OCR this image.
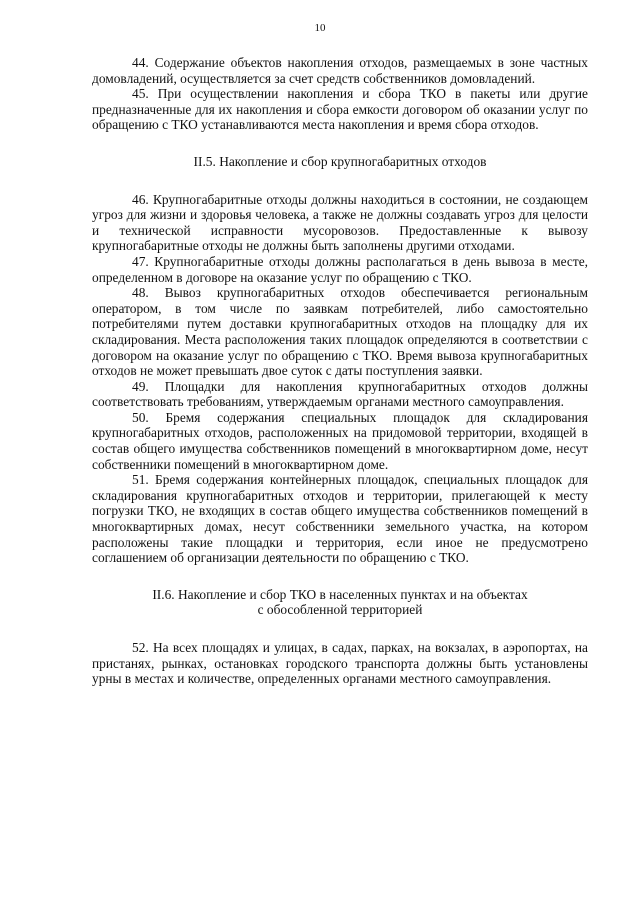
10

44. Содержание объектов накопления отходов, размещаемых в зоне частных домовладений, осуществляется за счет средств собственников домовладений.

45. При осуществлении накопления и сбора ТКО в пакеты или другие предназначенные для их накопления и сбора емкости договором об оказании услуг по обращению с ТКО устанавливаются места накопления и время сбора отходов.

II.5. Накопление и сбор крупногабаритных отходов

46. Крупногабаритные отходы должны находиться в состоянии, не создающем угроз для жизни и здоровья человека, а также не должны создавать угроз для целости и технической исправности мусоровозов. Предоставленные к вывозу крупногабаритные отходы не должны быть заполнены другими отходами.

47. Крупногабаритные отходы должны располагаться в день вывоза в месте, определенном в договоре на оказание услуг по обращению с ТКО.

48. Вывоз крупногабаритных отходов обеспечивается региональным оператором, в том числе по заявкам потребителей, либо самостоятельно потребителями путем доставки крупногабаритных отходов на площадку для их складирования. Места расположения таких площадок определяются в соответствии с договором на оказание услуг по обращению с ТКО. Время вывоза крупногабаритных отходов не может превышать двое суток с даты поступления заявки.

49. Площадки для накопления крупногабаритных отходов должны соответствовать требованиям, утверждаемым органами местного самоуправления.

50. Бремя содержания специальных площадок для складирования крупногабаритных отходов, расположенных на придомовой территории, входящей в состав общего имущества собственников помещений в многоквартирном доме, несут собственники помещений в многоквартирном доме.

51. Бремя содержания контейнерных площадок, специальных площадок для складирования крупногабаритных отходов и территории, прилегающей к месту погрузки ТКО, не входящих в состав общего имущества собственников помещений в многоквартирных домах, несут собственники земельного участка, на котором расположены такие площадки и территория, если иное не предусмотрено соглашением об организации деятельности по обращению с ТКО.

II.6. Накопление и сбор ТКО в населенных пунктах и на объектах

с обособленной территорией

52. На всех площадях и улицах, в садах, парках, на вокзалах, в аэропортах, на пристанях, рынках, остановках городского транспорта должны быть установлены урны в местах и количестве, определенных органами местного самоуправления.
